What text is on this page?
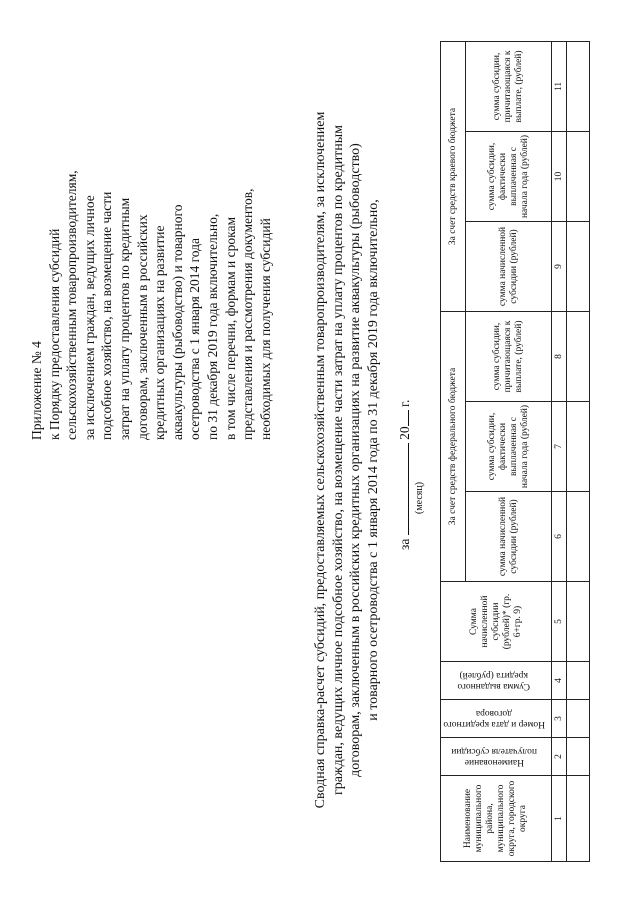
Приложение № 4 к Порядку предоставления субсидий сельскохозяйственным товаропроизводителям, за исключением граждан, ведущих личное подсобное хозяйство, на возмещение части затрат на уплату процентов по кредитным договорам, заключенным в российских кредитных организациях на развитие аквакультуры (рыбоводство) и товарного осетроводства с 1 января 2014 года по 31 декабря 2019 года включительно, в том числе перечни, формам и срокам представления и рассмотрения документов, необходимых для получения субсидий	Сводная справка-расчет субсидий, предоставляемых сельскохозяйственным товаропроизводителям, за исключением граждан, ведущих личное подсобное хозяйство, на возмещение части затрат на уплату процентов по кредитным договорам, заключенным в российских кредитных организациях на развитие аквакультуры (рыбоводство) и товарного осетроводства с 1 января 2014 года по 31 декабря 2019 года включительно, за  20 г.
(месяц)
Наименование муниципального района, муниципального округа, городского округа	Наименование получателя субсидии	Номер и дата кредитного договора	Сумма выданного кредита (рублей)	Сумма начисленной субсидии (рублей)* (гр. 6+гр. 9)	За счет средств федерального бюджета			За счет средств краевого бюджета		
					сумма начисленной субсидии (рублей)	сумма субсидии, фактически выплаченная с начала года (рублей)	сумма субсидии, причитающаяся к выплате, (рублей)	сумма начисленной субсидии (рублей)	сумма субсидии, фактически выплаченная с начала года (рублей)	сумма субсидии, причитающаяся к выплате, (рублей)
1	2	3	4	5	6	7	8	9	10	11
